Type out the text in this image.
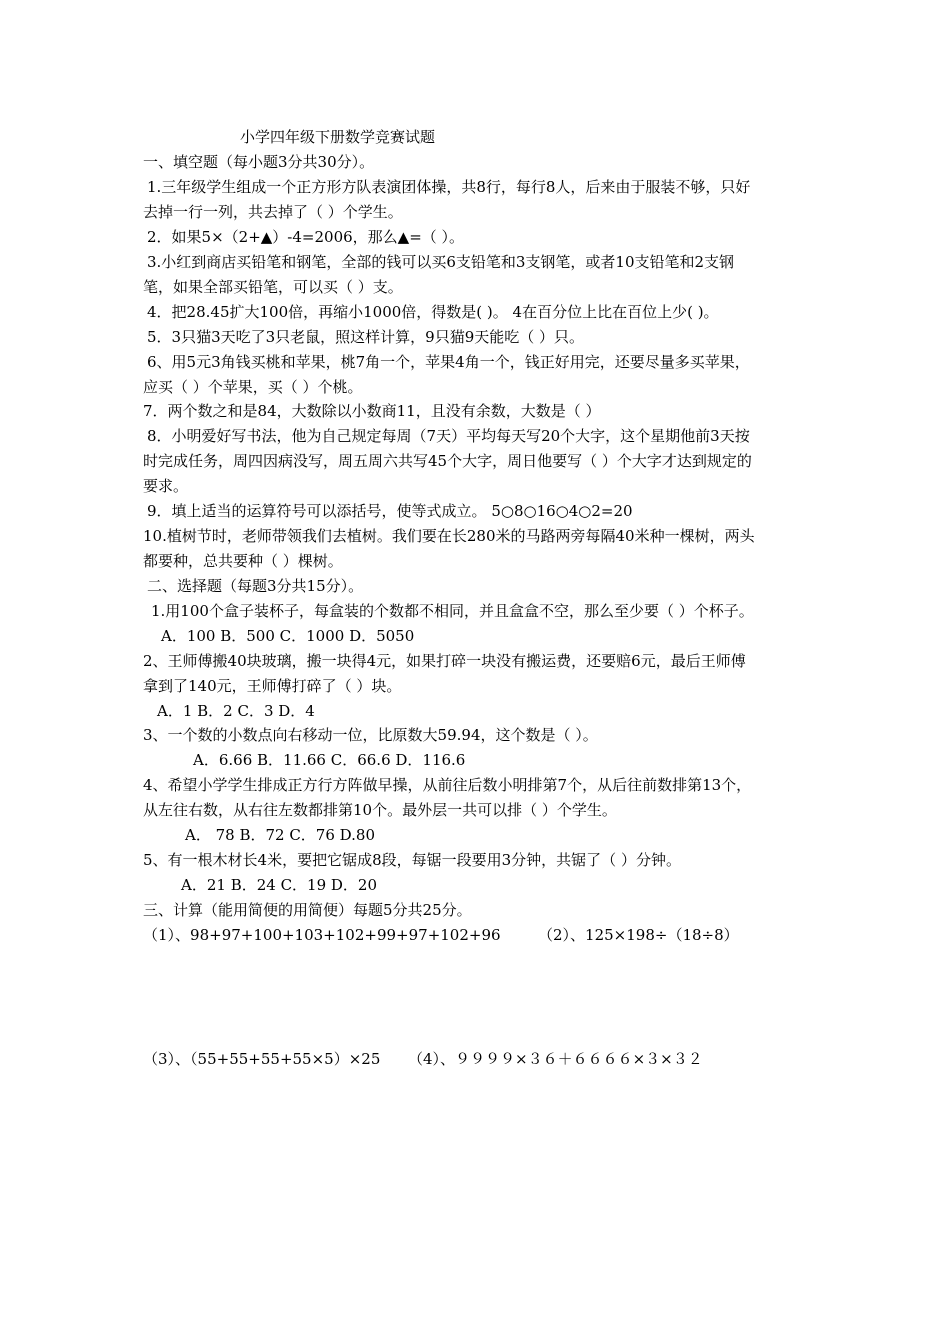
小学四年级下册数学竞赛试题
一、填空题（每小题3分共30分）。
1.三年级学生组成一个正方形方队表演团体操，共8行，每行8人，后来由于服装不够，只好
去掉一行一列，共去掉了（ ）个学生。
2．如果5×（2+▲）-4=2006，那么▲=（ ）。
3.小红到商店买铅笔和钢笔，全部的钱可以买6支铅笔和3支钢笔，或者10支铅笔和2支钢
笔，如果全部买铅笔，可以买（ ）支。
4．把28.45扩大100倍，再缩小1000倍，得数是( )。 4在百分位上比在百位上少( )。
5．3只猫3天吃了3只老鼠，照这样计算，9只猫9天能吃（ ）只。
6、用5元3角钱买桃和苹果，桃7角一个，苹果4角一个，钱正好用完，还要尽量多买苹果，
应买（ ）个苹果，买（ ）个桃。
7．两个数之和是84，大数除以小数商11，且没有余数，大数是（ ）
8．小明爱好写书法，他为自己规定每周（7天）平均每天写20个大字，这个星期他前3天按
时完成任务，周四因病没写，周五周六共写45个大字，周日他要写（ ）个大字才达到规定的
要求。
9．填上适当的运算符号可以添括号，使等式成立。 5○8○16○4○2=20
10.植树节时，老师带领我们去植树。我们要在长280米的马路两旁每隔40米种一棵树，两头
都要种，总共要种（ ）棵树。
二、选择题（每题3分共15分）。
1.用100个盒子装杯子，每盒装的个数都不相同，并且盒盒不空，那么至少要（ ）个杯子。
A．100 B．500 C．1000 D．5050
2、王师傅搬40块玻璃，搬一块得4元，如果打碎一块没有搬运费，还要赔6元，最后王师傅
拿到了140元，王师傅打碎了（ ）块。
A．1 B．2 C．3 D．4
3、一个数的小数点向右移动一位，比原数大59.94，这个数是（ ）。
A．6.66 B．11.66 C．66.6 D．116.6
4、希望小学学生排成正方行方阵做早操，从前往后数小明排第7个，从后往前数排第13个，
从左往右数，从右往左数都排第10个。最外层一共可以排（ ）个学生。
A． 78 B．72 C．76 D.80
5、有一根木材长4米，要把它锯成8段，每锯一段要用3分钟，共锯了（ ）分钟。
A．21 B．24 C．19 D．20
三、计算（能用简便的用简便）每题5分共25分。
（1）、98+97+100+103+102+99+97+102+96 （2）、125×198÷（18÷8）
（3）、（55+55+55+55×5）×25 （4）、９９９９×３６＋６６６６×３×３２
